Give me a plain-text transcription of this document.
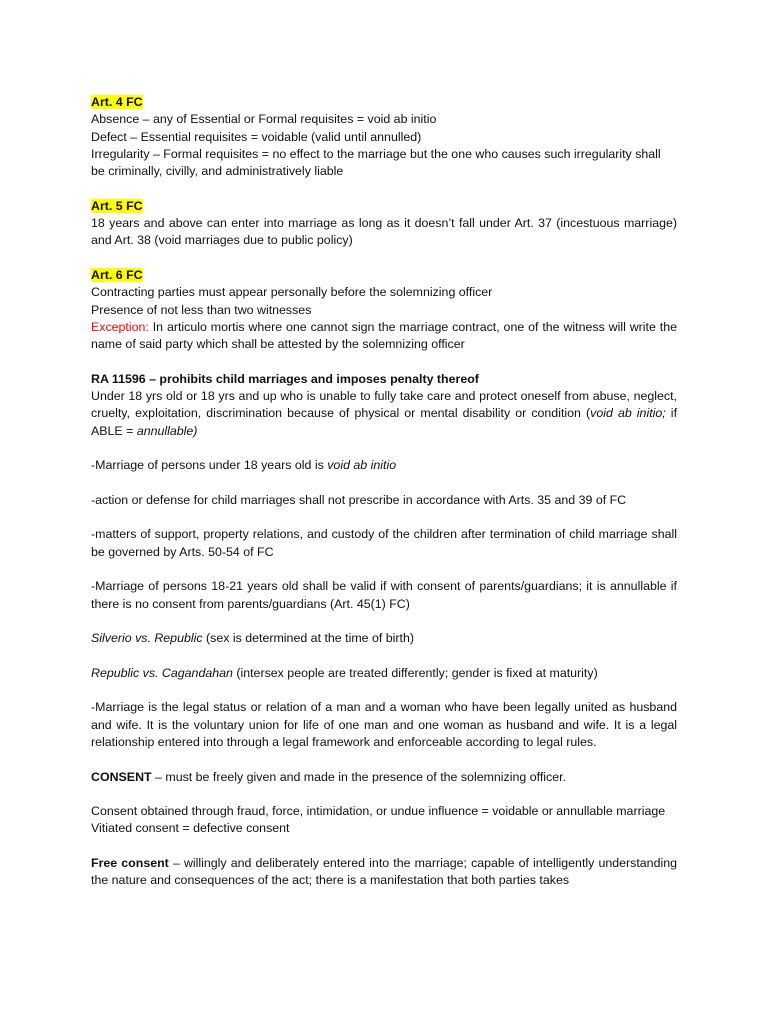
Art. 4 FC

Absence – any of Essential or Formal requisites = void ab initio

Defect – Essential requisites = voidable (valid until annulled)

Irregularity – Formal requisites = no effect to the marriage but the one who causes such irregularity shall be criminally, civilly, and administratively liable

Art. 5 FC

18 years and above can enter into marriage as long as it doesn’t fall under Art. 37 (incestuous marriage) and Art. 38 (void marriages due to public policy)

Art. 6 FC

Contracting parties must appear personally before the solemnizing officer

Presence of not less than two witnesses

Exception: In articulo mortis where one cannot sign the marriage contract, one of the witness will write the name of said party which shall be attested by the solemnizing officer

RA 11596 – prohibits child marriages and imposes penalty thereof

Under 18 yrs old or 18 yrs and up who is unable to fully take care and protect oneself from abuse, neglect, cruelty, exploitation, discrimination because of physical or mental disability or condition (void ab initio; if ABLE = annullable)

-Marriage of persons under 18 years old is void ab initio

-action or defense for child marriages shall not prescribe in accordance with Arts. 35 and 39 of FC

-matters of support, property relations, and custody of the children after termination of child marriage shall be governed by Arts. 50-54 of FC

-Marriage of persons 18-21 years old shall be valid if with consent of parents/guardians; it is annullable if there is no consent from parents/guardians (Art. 45(1) FC)

Silverio vs. Republic (sex is determined at the time of birth)

Republic vs. Cagandahan (intersex people are treated differently; gender is fixed at maturity)

-Marriage is the legal status or relation of a man and a woman who have been legally united as husband and wife. It is the voluntary union for life of one man and one woman as husband and wife. It is a legal relationship entered into through a legal framework and enforceable according to legal rules.

CONSENT – must be freely given and made in the presence of the solemnizing officer.

Consent obtained through fraud, force, intimidation, or undue influence = voidable or annullable marriage

Vitiated consent = defective consent

Free consent – willingly and deliberately entered into the marriage; capable of intelligently understanding the nature and consequences of the act; there is a manifestation that both parties takes
